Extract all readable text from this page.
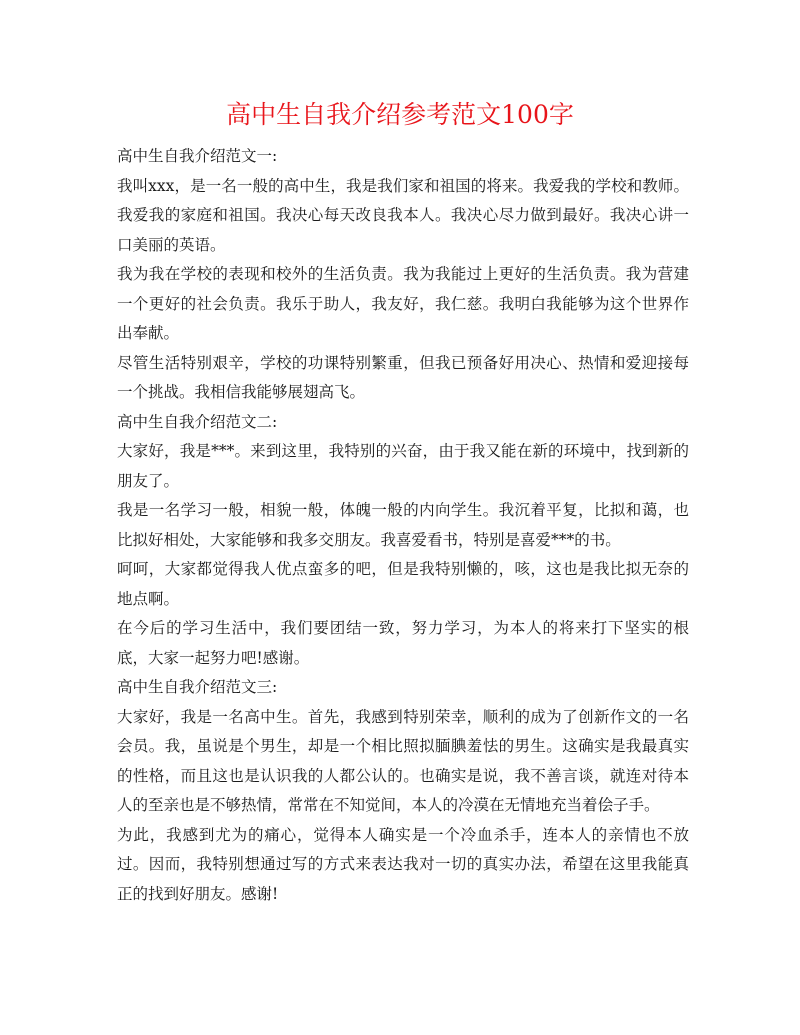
高中生自我介绍参考范文100字

高中生自我介绍范文一:

我叫xxx，是一名一般的高中生，我是我们家和祖国的将来。我爱我的学校和教师。我爱我的家庭和祖国。我决心每天改良我本人。我决心尽力做到最好。我决心讲一口美丽的英语。

我为我在学校的表现和校外的生活负责。我为我能过上更好的生活负责。我为营建一个更好的社会负责。我乐于助人，我友好，我仁慈。我明白我能够为这个世界作出奉献。

尽管生活特别艰辛，学校的功课特别繁重，但我已预备好用决心、热情和爱迎接每一个挑战。我相信我能够展翅高飞。

高中生自我介绍范文二:

大家好，我是***。来到这里，我特别的兴奋，由于我又能在新的环境中，找到新的朋友了。

我是一名学习一般，相貌一般，体魄一般的内向学生。我沉着平复，比拟和蔼，也比拟好相处，大家能够和我多交朋友。我喜爱看书，特别是喜爱***的书。

呵呵，大家都觉得我人优点蛮多的吧，但是我特别懒的，咳，这也是我比拟无奈的地点啊。

在今后的学习生活中，我们要团结一致，努力学习，为本人的将来打下坚实的根底，大家一起努力吧!感谢。

高中生自我介绍范文三:

大家好，我是一名高中生。首先，我感到特别荣幸，顺利的成为了创新作文的一名会员。我，虽说是个男生，却是一个相比照拟腼腆羞怯的男生。这确实是我最真实的性格，而且这也是认识我的人都公认的。也确实是说，我不善言谈，就连对待本人的至亲也是不够热情，常常在不知觉间，本人的冷漠在无情地充当着侩子手。

为此，我感到尤为的痛心，觉得本人确实是一个冷血杀手，连本人的亲情也不放过。因而，我特别想通过写的方式来表达我对一切的真实办法，希望在这里我能真正的找到好朋友。感谢!
